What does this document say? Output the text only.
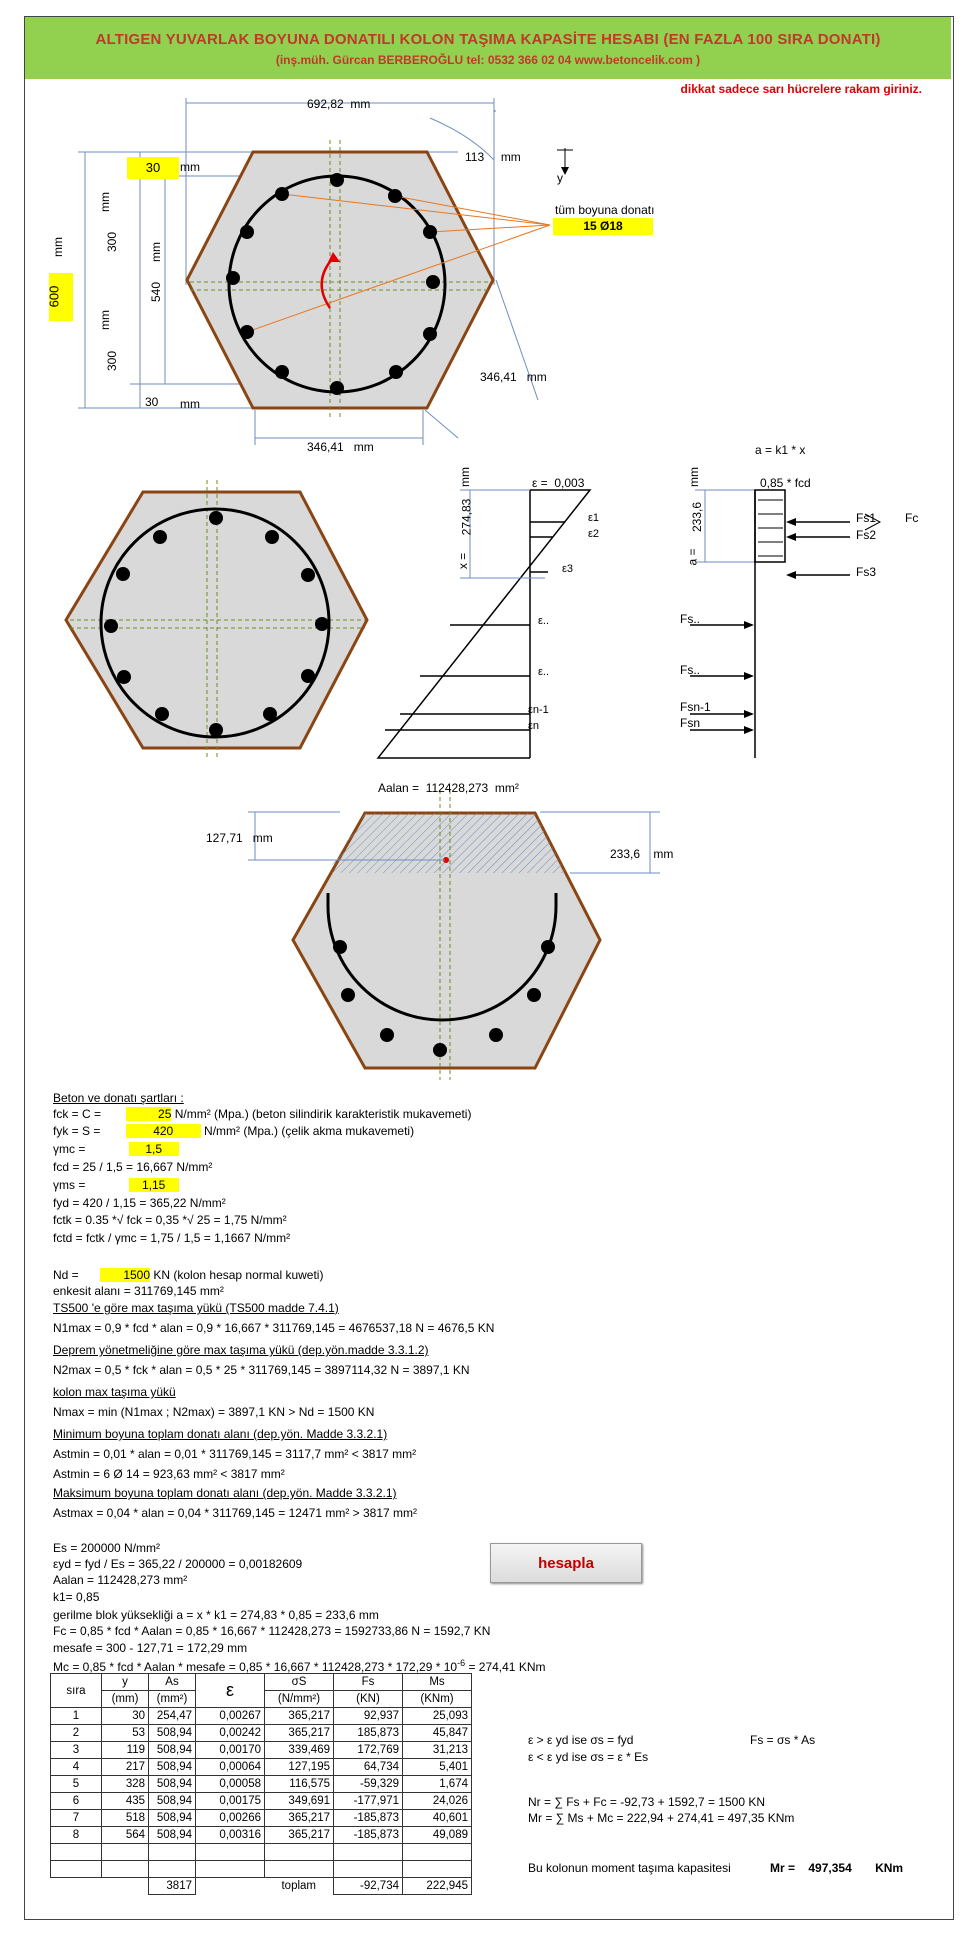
ALTIGEN YUVARLAK BOYUNA DONATILI KOLON TAŞIMA KAPASİTE HESABI (EN FAZLA 100 SIRA DONATI)
(inş.müh. Gürcan BERBEROĞLU tel: 0532 366 02 04 www.betoncelik.com )
dikkat sadece sarı hücrelere rakam giriniz.
692,82 mm
30	mm
113 mm
y
tüm boyuna donatı
15 Ø18
600
mm
mm
300
mm
300
mm
540
30 mm
346,41 mm
346,41 mm	a = k1 * x
0,85 * fcd
ε = 0,003
mm
274,83
x =
mm
233,6
a =
ε1
ε2
ε3
ε..
ε..
εn-1
εn
Fs1
Fs2
Fs3
Fs..
Fs..
Fsn-1
Fsn
Fc
Aalan = 112428,273 mm²
127,71 mm
233,6 mm
Beton ve donatı şartları :
fck = C =	25 N/mm² (Mpa.) (beton silindirik karakteristik mukavemeti)
fyk = S =	420	N/mm² (Mpa.) (çelik akma mukavemeti)
γmc =	1,5
fcd = 25 / 1,5 = 16,667 N/mm²
γms =	1,15
fyd = 420 / 1,15 = 365,22 N/mm²
fctk = 0.35 *√ fck = 0,35 *√ 25 = 1,75 N/mm²
fctd = fctk / γmc = 1,75 / 1,5 = 1,1667 N/mm²
Nd =	1500 KN (kolon hesap normal kuweti)
enkesit alanı = 311769,145 mm²
TS500 'e göre max taşıma yükü (TS500 madde 7.4.1)
N1max = 0,9 * fcd * alan = 0,9 * 16,667 * 311769,145 = 4676537,18 N = 4676,5 KN
Deprem yönetmeliğine göre max taşıma yükü (dep.yön.madde 3.3.1.2)
N2max = 0,5 * fck * alan = 0,5 * 25 * 311769,145 = 3897114,32 N = 3897,1 KN
kolon max taşıma yükü
Nmax = min (N1max ; N2max) = 3897,1 KN > Nd = 1500 KN
Minimum boyuna toplam donatı alanı (dep.yön. Madde 3.3.2.1)
Astmin = 0,01 * alan = 0,01 * 311769,145 = 3117,7 mm² < 3817 mm²
Astmin = 6 Ø 14 = 923,63 mm² < 3817 mm²
Maksimum boyuna toplam donatı alanı (dep.yön. Madde 3.3.2.1)
Astmax = 0,04 * alan = 0,04 * 311769,145 = 12471 mm² > 3817 mm²
Es = 200000 N/mm²
εyd = fyd / Es = 365,22 / 200000 = 0,00182609
Aalan = 112428,273 mm²
k1= 0,85
gerilme blok yüksekliği a = x * k1 = 274,83 * 0,85 = 233,6 mm
Fc = 0,85 * fcd * Aalan = 0,85 * 16,667 * 112428,273 = 1592733,86 N = 1592,7 KN
mesafe = 300 - 127,71 = 172,29 mm
Mc = 0,85 * fcd * Aalan * mesafe = $0,85 * 16,667 * 112428,273 * 172,29 * 10^{-6} = 274,41$ KNm
hesapla
sıra	y	As	ε	σS	Fs	Ms
	(mm)	(mm²)		(N/mm²)	(KN)	(KNm)
1	30	254,47	0,00267	365,217	92,937	25,093
2	53	508,94	0,00242	365,217	185,873	45,847
3	119	508,94	0,00170	339,469	172,769	31,213
4	217	508,94	0,00064	127,195	64,734	5,401
5	328	508,94	0,00058	116,575	-59,329	1,674
6	435	508,94	0,00175	349,691	-177,971	24,026
7	518	508,94	0,00266	365,217	-185,873	40,601
8	564	508,94	0,00316	365,217	-185,873	49,089

		3817		toplam	-92,734	222,945
ε > ε yd ise σs = fyd
ε < ε yd ise σs = ε * Es
Fs = σs * As
Nr = ∑ Fs + Fc = -92,73 + 1592,7 = 1500 KN
Mr = ∑ Ms + Mc = 222,94 + 274,41 = 497,35 KNm
Bu kolonun moment taşıma kapasitesi	Mr = 497,354 KNm
